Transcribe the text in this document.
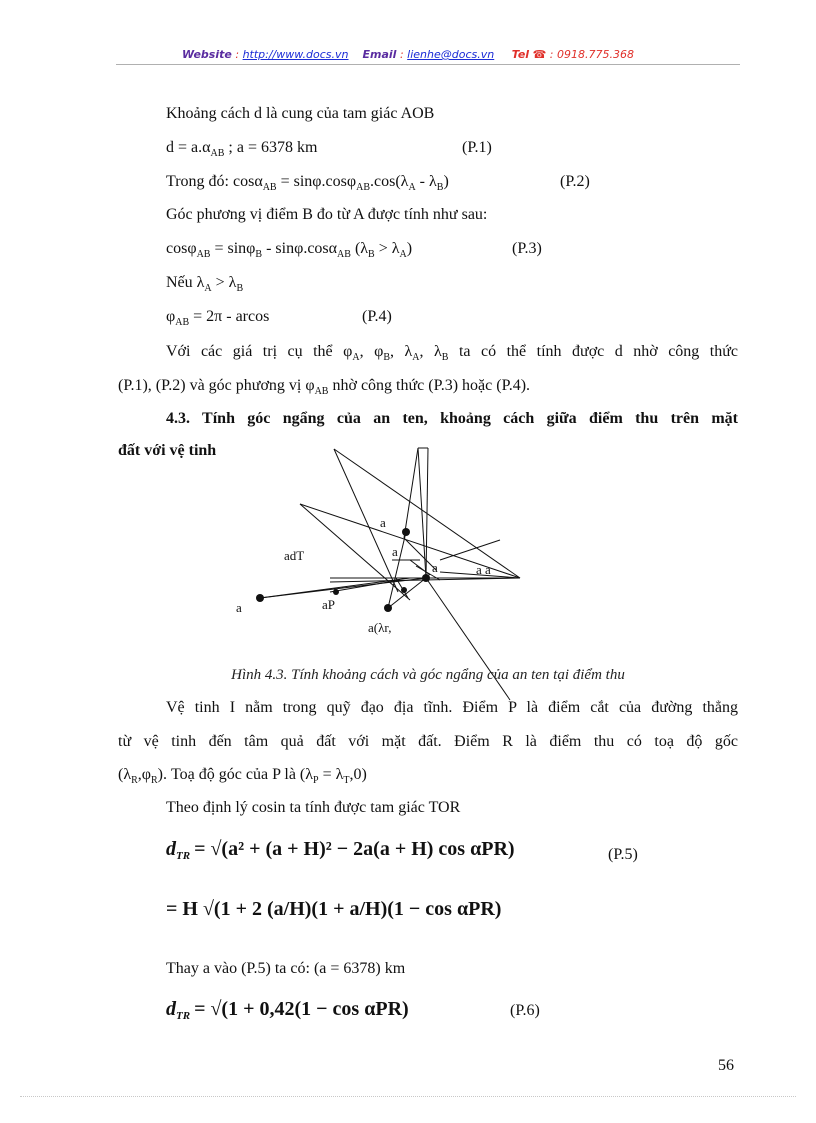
Website : http://www.docs.vn Email : lienhe@docs.vn Tel ☎ : 0918.775.368
Khoảng cách d là cung của tam giác AOB
$d = a.\alpha_{AB}$ ; a = 6378 km	(P.1)
Trong đó: $\cos\alpha_{AB} = \sin\varphi.\cos\varphi_{AB}.\cos(\lambda_A - \lambda_B)$	(P.2)
Góc phương vị điểm B đo từ A được tính như sau:
cosφ$_{AB}$ = sinφ$_B$ - sinφ.cosα$_{AB}$ $(\lambda_B > \lambda_A)$	(P.3)
Nếu $\lambda_A > \lambda_B$
$\varphi_{AB} = 2\pi - arcos$	(P.4)
Với các giá trị cụ thể $\varphi_A$, $\varphi_B$, $\lambda_A$, $\lambda_B$ ta có thể tính được d nhờ công thức
(P.1), (P.2) và góc phương vị $\varphi_{AB}$ nhờ công thức (P.3) hoặc (P.4).
4.3. Tính góc ngẩng của an ten, khoảng cách giữa điểm thu trên mặt
đất với vệ tinh
a
adT
a	a a
a	aP
a(λr,
a
Hình 4.3. Tính khoảng cách và góc ngẩng của an ten tại điểm thu
Vệ tinh I nằm trong quỹ đạo địa tĩnh. Điểm P là điểm cắt của đường thẳng
từ vệ tinh đến tâm quả đất với mặt đất. Điểm R là điểm thu có toạ độ gốc
$(\lambda_R,\varphi_R)$. Toạ độ góc của P là $(\lambda_P = \lambda_T,0)$
Theo định lý cosin ta tính được tam giác TOR
$d_{TR} = √(a^2 + (a + H)^2 - 2a(a + H)$ cos αPR)	(P.5)
= H √(1 + 2 (a/H)(1 + a/H)(1 − cos αPR)
Thay a vào (P.5) ta có: (a = 6378) km
$d_{TR} = √(1 + 0,42(1 - \cos \alpha PR)$	(P.6)
56
